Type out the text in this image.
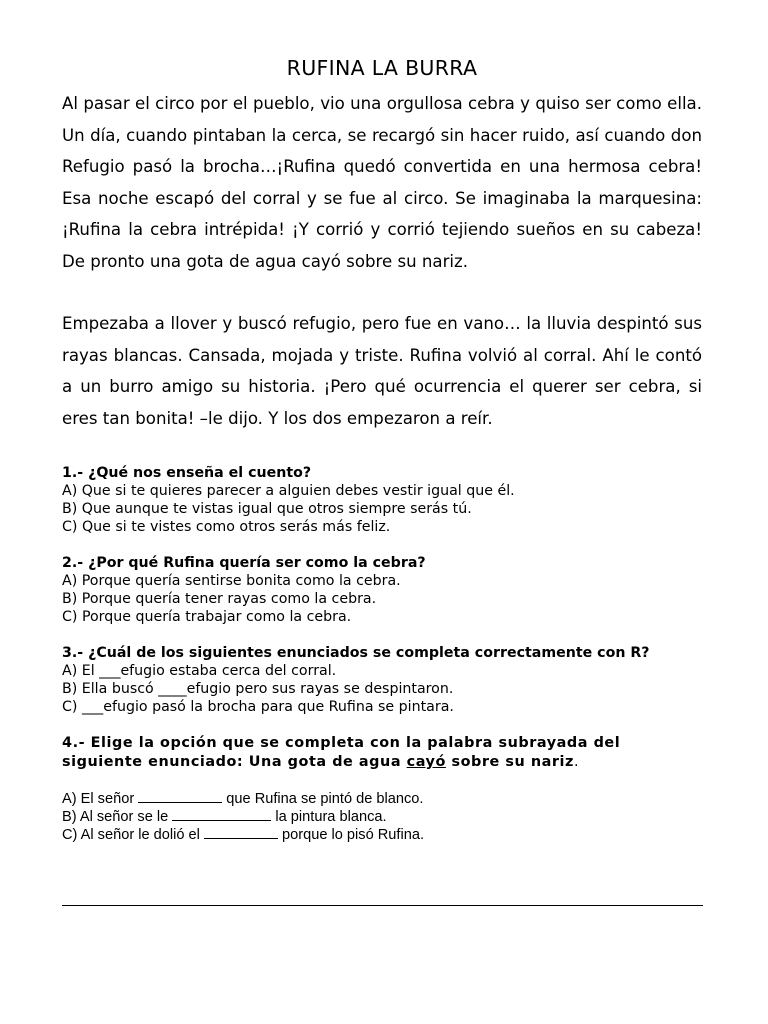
RUFINA LA BURRA

Al pasar el circo por el pueblo, vio una orgullosa cebra y quiso ser como ella. Un día, cuando pintaban la cerca, se recargó sin hacer ruido, así cuando don Refugio pasó la brocha…¡Rufina quedó convertida en una hermosa cebra! Esa noche escapó del corral y se fue al circo. Se imaginaba la marquesina: ¡Rufina la cebra intrépida! ¡Y corrió y corrió tejiendo sueños en su cabeza! De pronto una gota de agua cayó sobre su nariz.

Empezaba a llover y buscó refugio, pero fue en vano… la lluvia despintó sus rayas blancas. Cansada, mojada y triste. Rufina volvió al corral. Ahí le contó a un burro amigo su historia. ¡Pero qué ocurrencia el querer ser cebra, si eres tan bonita! –le dijo. Y los dos empezaron a reír.

1.- ¿Qué nos enseña el cuento?

A) Que si te quieres parecer a alguien debes vestir igual que él.

B) Que aunque te vistas igual que otros siempre serás tú.

C) Que si te vistes como otros serás más feliz.

2.- ¿Por qué Rufina quería ser como la cebra?

A) Porque quería sentirse bonita como la cebra.

B) Porque quería tener rayas como la cebra.

C) Porque quería trabajar como la cebra.

3.- ¿Cuál de los siguientes enunciados se completa correctamente con R?

A) El ___efugio estaba cerca del corral.

B) Ella buscó ____efugio pero sus rayas se despintaron.

C) ___efugio pasó la brocha para que Rufina se pintara.

4.- Elige la opción que se completa con la palabra subrayada del siguiente enunciado: Una gota de agua cayó sobre su nariz.

A) El señor	que Rufina se pintó de blanco.

B) Al señor se le	la pintura blanca.

C) Al señor le dolió el	porque lo pisó Rufina.
